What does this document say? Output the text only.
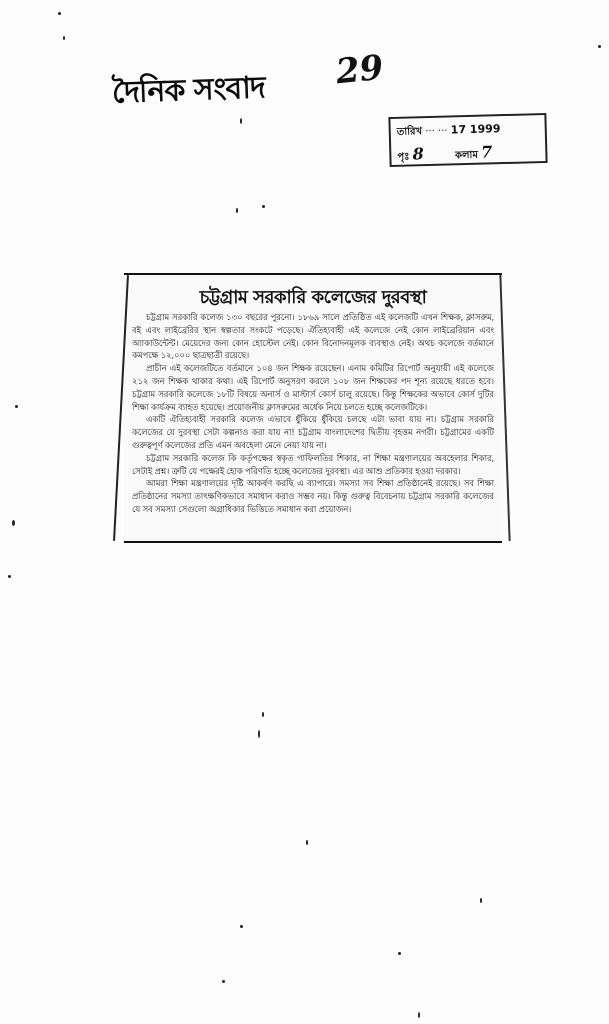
দৈনিক সংবাদ 29
তারিখ ··· ··· 17 1999
পৃঃ 8	কলাম 7
চট্টগ্রাম সরকারি কলেজের দুরবস্থা

চট্টগ্রাম সরকারি কলেজ ১৩০ বছরের পুরনো। ১৮৬৯ সালে প্রতিষ্ঠিত এই কলেজটি এখন শিক্ষক, ক্লাসরুম, বই এবং লাইব্রেরির স্থান স্বল্পতার সংকটে পড়েছে। ঐতিহ্যবাহী এই কলেজে নেই কোন লাইব্রেরিয়ান এবং অ্যাকাউন্টেন্ট। মেয়েদের জন্য কোন হোস্টেল নেই। কোন বিনোদনমূলক ব্যবস্থাও নেই। অথচ কলেজে বর্তমানে কমপক্ষে ১২,০০০ ছাত্রছাত্রী রয়েছে।

প্রাচীন এই কলেজটিতে বর্তমানে ১০৪ জন শিক্ষক রয়েছেন। এনাম কমিটির রিপোর্ট অনুযায়ী এই কলেজে ২১২ জন শিক্ষক থাকার কথা। এই রিপোর্ট অনুসরণ করলে ১০৮ জন শিক্ষকের পদ শূন্য রয়েছে ধরতে হবে। চট্টগ্রাম সরকারি কলেজে ১৮টি বিষয়ে অনার্স ও মাস্টার্স কোর্স চালু রয়েছে। কিন্তু শিক্ষকের অভাবে কোর্স দুটির শিক্ষা কার্যক্রম ব্যাহত হয়েছে। প্রয়োজনীয় ক্লাসরুমের অর্ধেক নিয়ে চলতে হচ্ছে কলেজটিকে।

একটি ঐতিহ্যবাহী সরকারি কলেজ এভাবে ধুঁকিয়ে ধুঁকিয়ে চলছে এটা ভাবা যায় না। চট্টগ্রাম সরকারি কলেজের যে দুরবস্থা সেটা কল্পনাও করা যায় না! চট্টগ্রাম বাংলাদেশের দ্বিতীয় বৃহত্তম নগরী। চট্টগ্রামের একটি গুরুত্বপূর্ণ কলেজের প্রতি এমন অবহেলা মেনে নেয়া যায় না।

চট্টগ্রাম সরকারি কলেজ কি কর্তৃপক্ষের স্বকৃত গাফিলতির শিকার, না শিক্ষা মন্ত্রণালয়ের অবহেলার শিকার, সেটাই প্রশ্ন। ত্রুটি যে পক্ষেরই হোক পরিণতি হচ্ছে কলেজের দুরবস্থা। এর আশু প্রতিকার হওয়া দরকার।

আমরা শিক্ষা মন্ত্রণালয়ের দৃষ্টি আকর্ষণ করছি এ ব্যাপারে। সমস্যা সব শিক্ষা প্রতিষ্ঠানেই রয়েছে। সব শিক্ষা প্রতিষ্ঠানের সমস্যা তাৎক্ষণিকভাবে সমাধান করাও সম্ভব নয়। কিন্তু গুরুত্ব বিবেচনায় চট্টগ্রাম সরকারি কলেজের যে সব সমস্যা সেগুলো অগ্রাধিকার ভিত্তিতে সমাধান করা প্রয়োজন।
